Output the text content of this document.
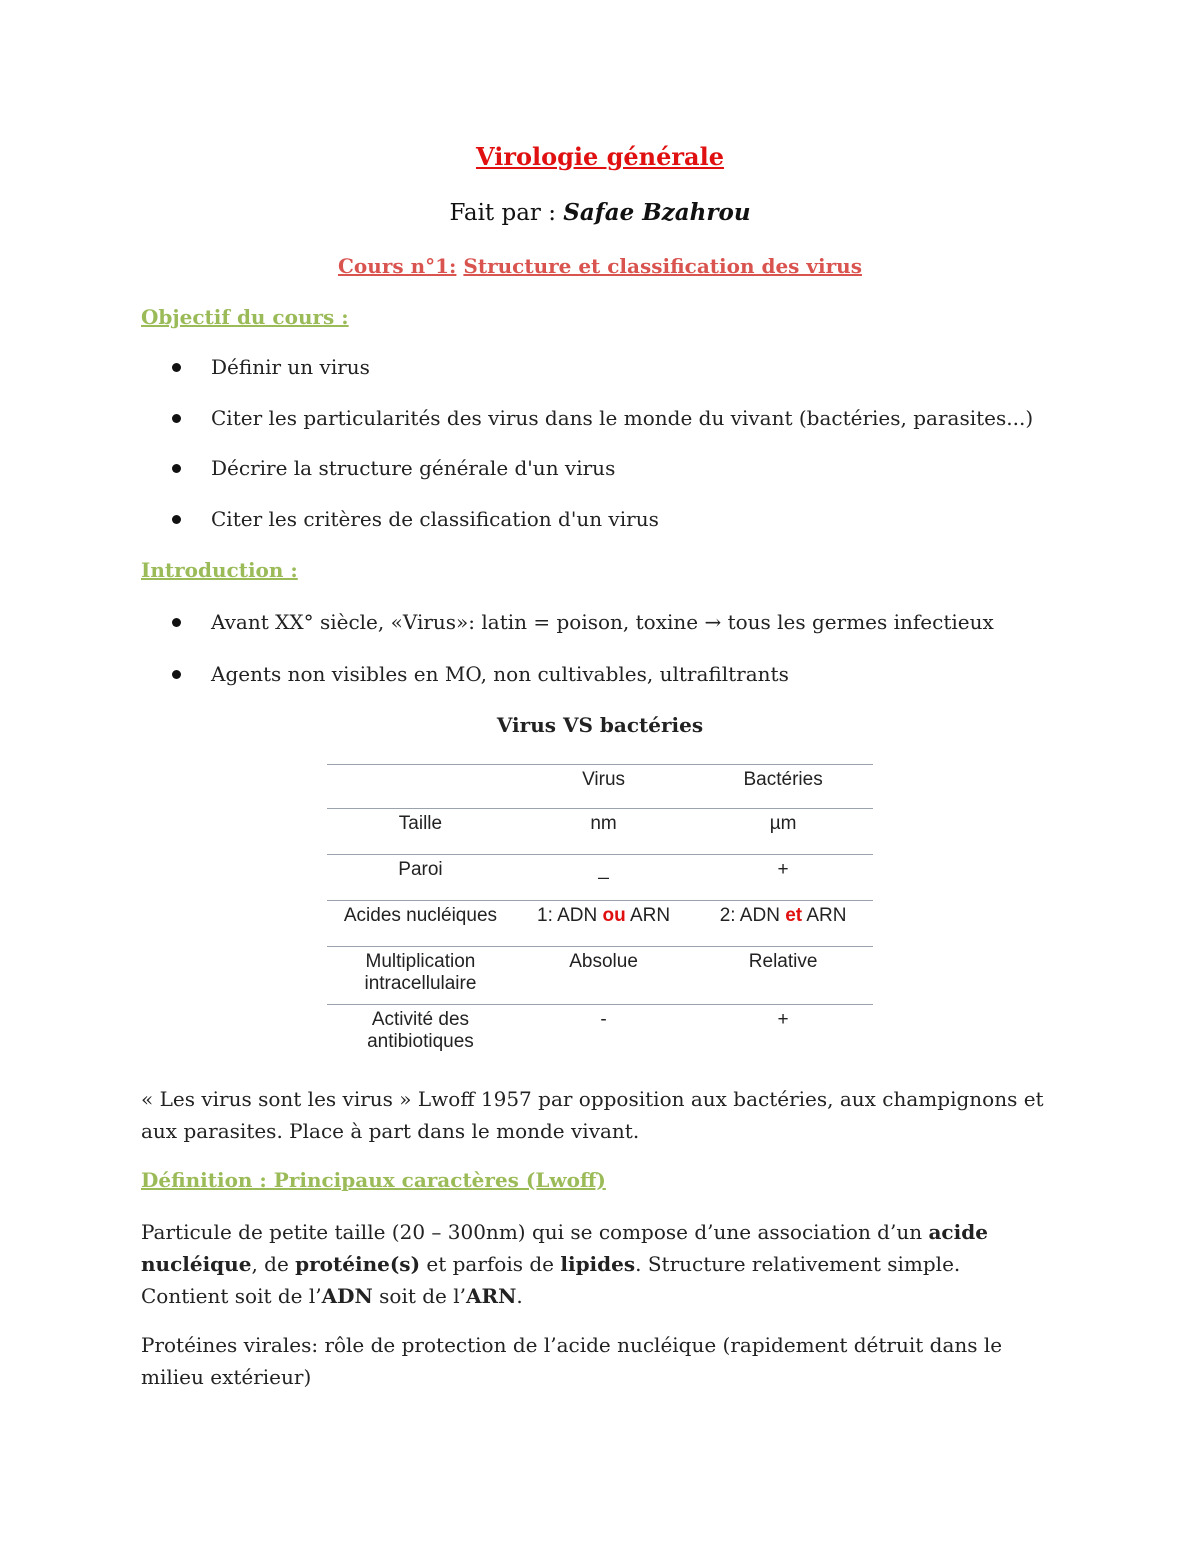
Virologie générale
Fait par : Safae Bzahrou
Cours n°1: Structure et classification des virus
Objectif du cours :
Définir un virus
Citer les particularités des virus dans le monde du vivant (bactéries, parasites...)
Décrire la structure générale d'un virus
Citer les critères de classification d'un virus
Introduction :
Avant XX° siècle, «Virus»: latin = poison, toxine → tous les germes infectieux
Agents non visibles en MO, non cultivables, ultrafiltrants
Virus VS bactéries
	Virus	Bactéries
Taille	nm	µm
Paroi	_	+
Acides nucléiques	1: ADN ou ARN	2: ADN et ARN
Multiplication intracellulaire	Absolue	Relative
Activité des antibiotiques	-	+
« Les virus sont les virus » Lwoff 1957 par opposition aux bactéries, aux champignons et aux parasites. Place à part dans le monde vivant.
Définition : Principaux caractères (Lwoff)
Particule de petite taille (20 – 300nm) qui se compose d’une association d’un acide nucléique, de protéine(s) et parfois de lipides. Structure relativement simple. Contient soit de l’ADN soit de l’ARN.
Protéines virales: rôle de protection de l’acide nucléique (rapidement détruit dans le milieu extérieur)
